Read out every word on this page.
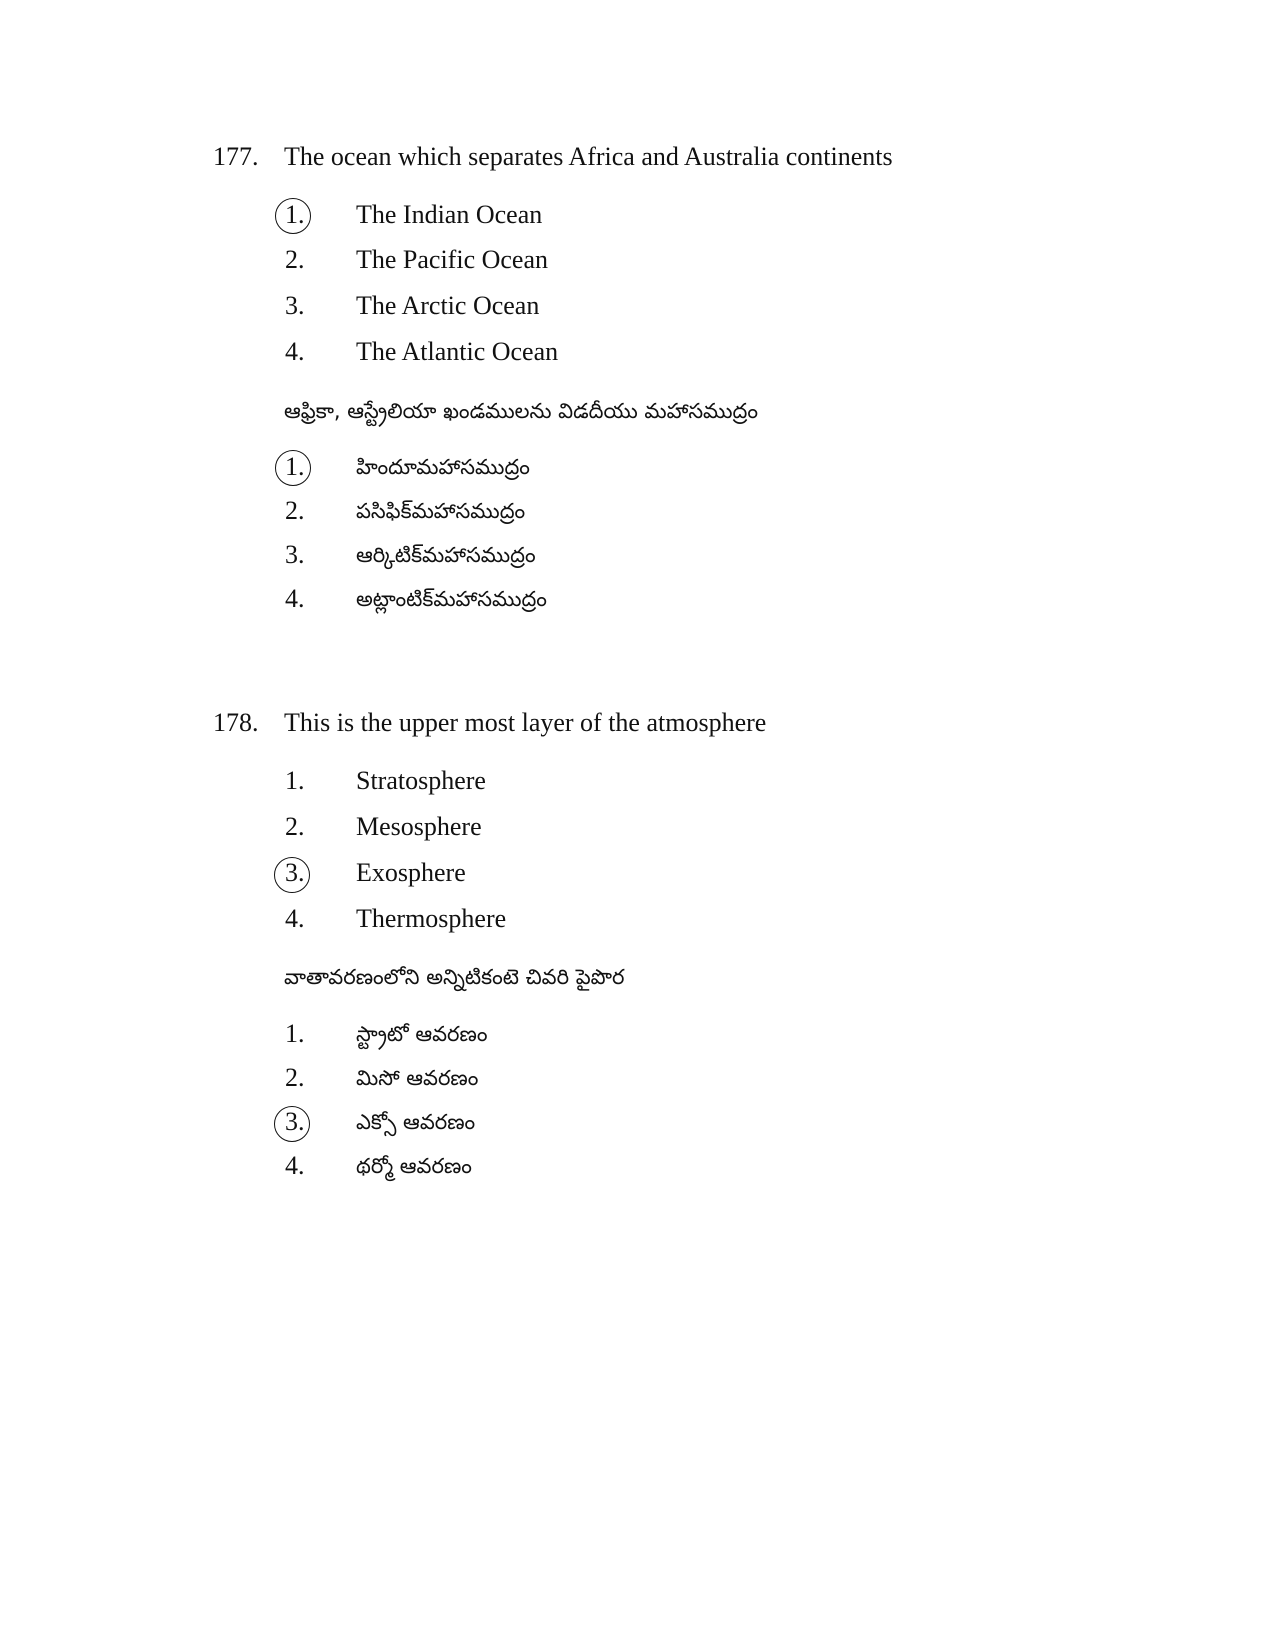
177. The ocean which separates Africa and Australia continents
1.	The Indian Ocean
2.	The Pacific Ocean
3.	The Arctic Ocean
4.	The Atlantic Ocean
ఆఫ్రికా, ఆస్ట్రేలియా ఖండములను విడదీయు మహాసముద్రం
1.	హిందూమహాసముద్రం
2.	పసిఫిక్‌మహాసముద్రం
3.	ఆర్కిటిక్‌మహాసముద్రం
4.	అట్లాంటిక్‌మహాసముద్రం
178. This is the upper most layer of the atmosphere
1.	Stratosphere
2.	Mesosphere
3.	Exosphere
4.	Thermosphere
వాతావరణంలోని అన్నిటికంటె చివరి పైపొర
1.	స్ట్రాటో ఆవరణం
2.	మిసో ఆవరణం
3.	ఎక్సో ఆవరణం
4.	థర్మో ఆవరణం
